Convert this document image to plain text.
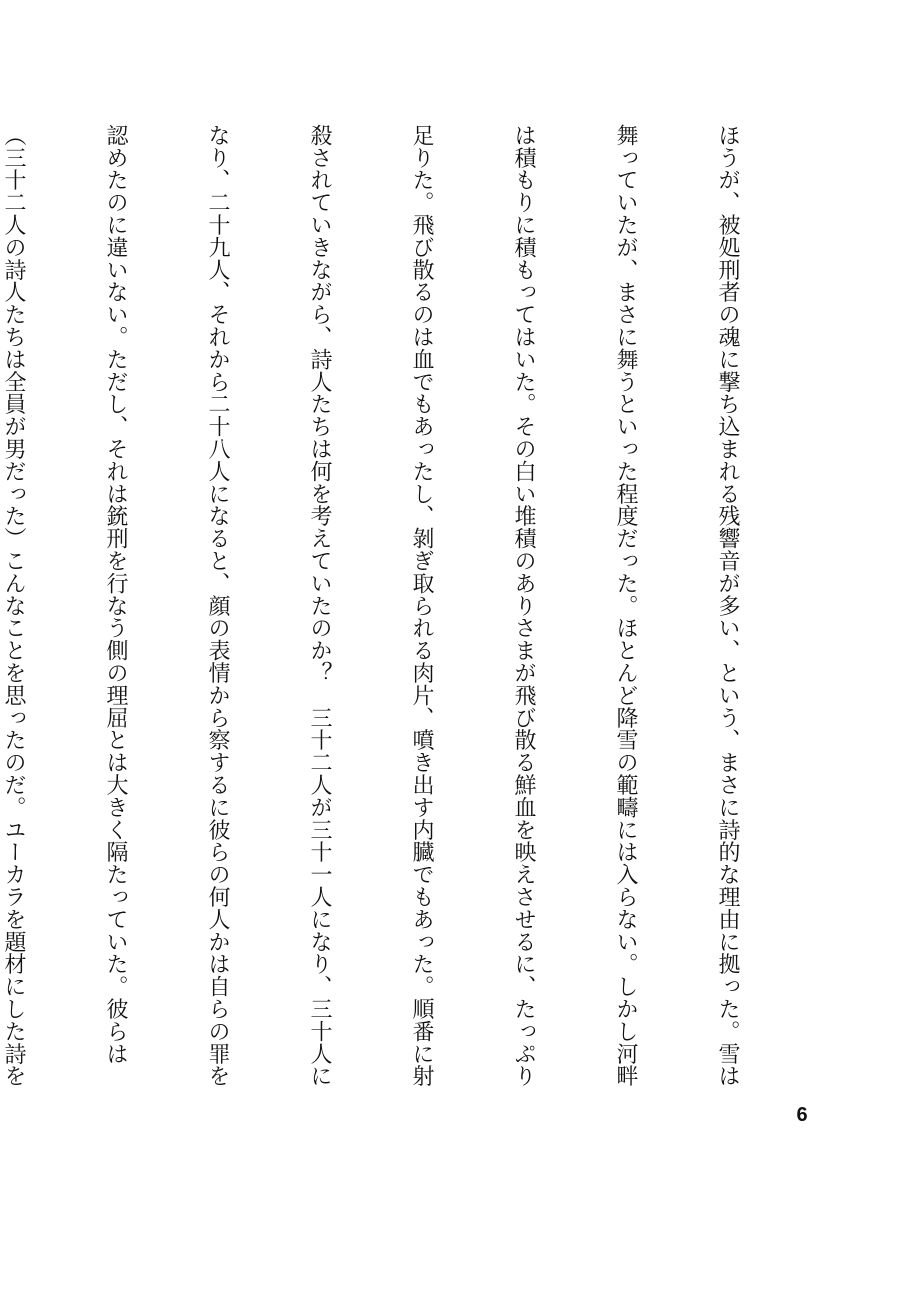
ほうが、被処刑者の魂に撃ち込まれる残響音が多い、という、まさに詩的な理由に拠った。雪は

舞っていたが、まさに舞うといった程度だった。ほとんど降雪の範疇には入らない。しかし河畔

は積もりに積もってはいた。その白い堆積のありさまが飛び散る鮮血を映えさせるに、たっぷり

足りた。飛び散るのは血でもあったし、剝ぎ取られる肉片、噴き出す内臓でもあった。順番に射

殺されていきながら、詩人たちは何を考えていたのか？　三十二人が三十一人になり、三十人に

なり、二十九人、それから二十八人になると、顔の表情から察するに彼らの何人かは自らの罪を

認めたのに違いない。ただし、それは銃刑を行なう側の理屈とは大きく隔たっていた。彼らは

（三十二人の詩人たちは全員が男だった）こんなことを思ったのだ。ユーカラを題材にした詩を

6
